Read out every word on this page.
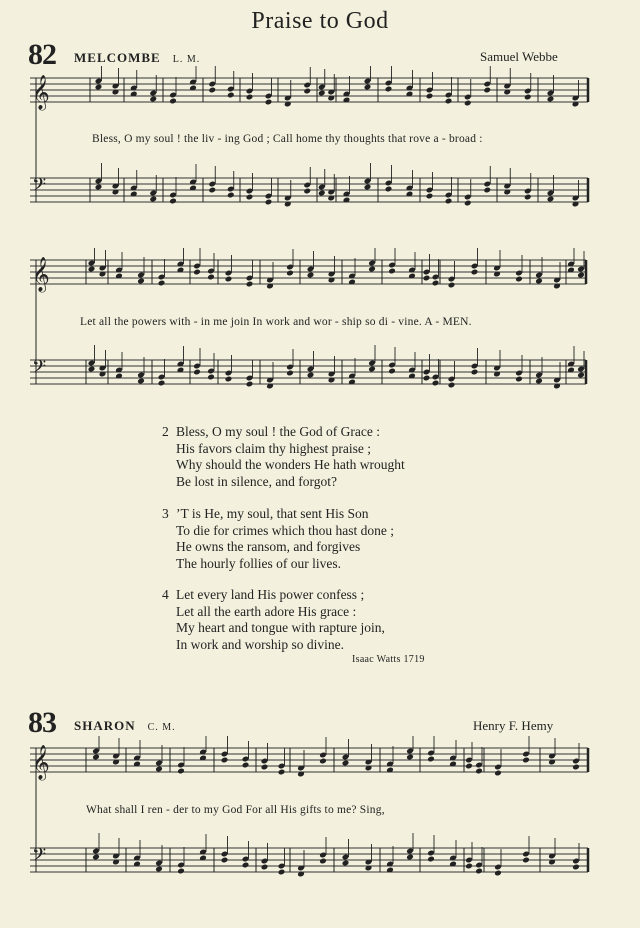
Praise to God
82 MELCOMBE L. M.	Samuel Webbe
𝄞
𝄢
Bless, O my soul ! the liv - ing God ; Call home thy thoughts that rove a - broad :
𝄞
𝄢
Let all the powers with - in me join In work and wor - ship so di - vine. A - MEN.
2 Bless, O my soul ! the God of Grace :
His favors claim thy highest praise ;
Why should the wonders He hath wrought
Be lost in silence, and forgot?
3 ’T is He, my soul, that sent His Son
To die for crimes which thou hast done ;
He owns the ransom, and forgives
The hourly follies of our lives.
4 Let every land His power confess ;
Let all the earth adore His grace :
My heart and tongue with rapture join,
In work and worship so divine.
Isaac Watts 1719
83 SHARON C. M.	Henry F. Hemy
𝄞
𝄢
What shall I ren - der to my God For all His gifts to me? Sing,
